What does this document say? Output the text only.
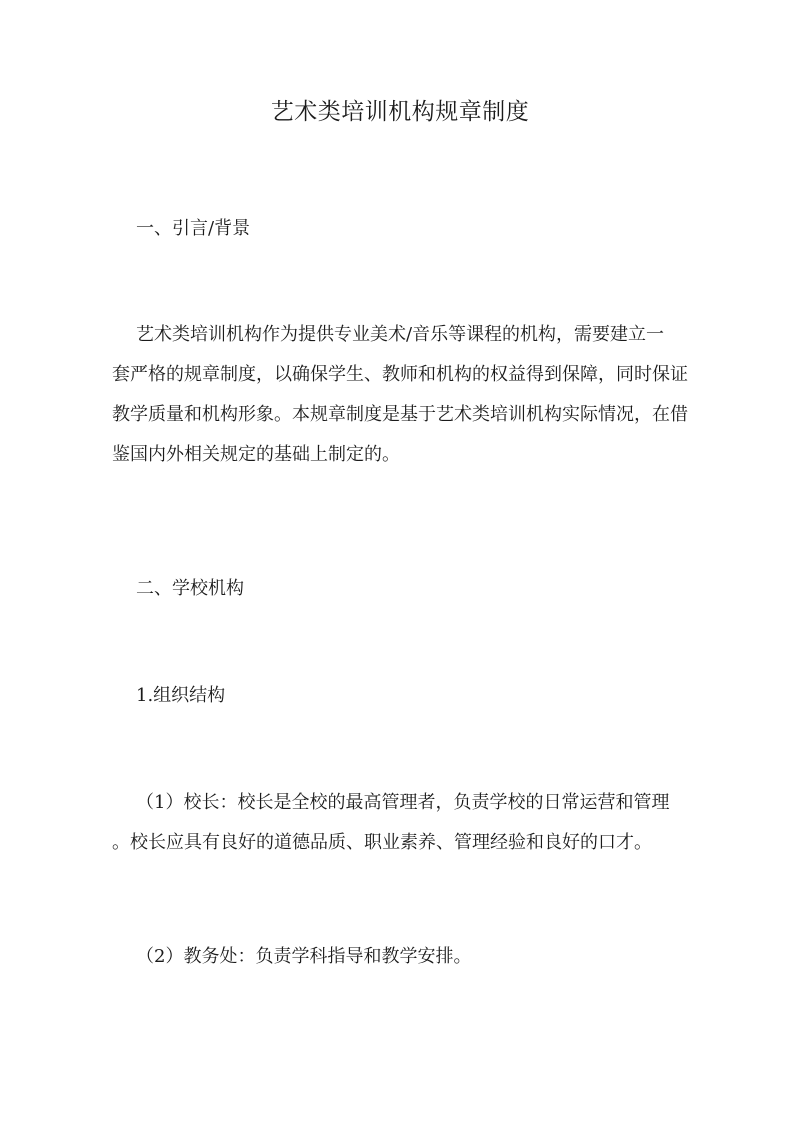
艺术类培训机构规章制度
一、引言/背景
艺术类培训机构作为提供专业美术/音乐等课程的机构，需要建立一
套严格的规章制度，以确保学生、教师和机构的权益得到保障，同时保证
教学质量和机构形象。本规章制度是基于艺术类培训机构实际情况，在借
鉴国内外相关规定的基础上制定的。
二、学校机构
1.组织结构
（1）校长：校长是全校的最高管理者，负责学校的日常运营和管理
。校长应具有良好的道德品质、职业素养、管理经验和良好的口才。
（2）教务处：负责学科指导和教学安排。
